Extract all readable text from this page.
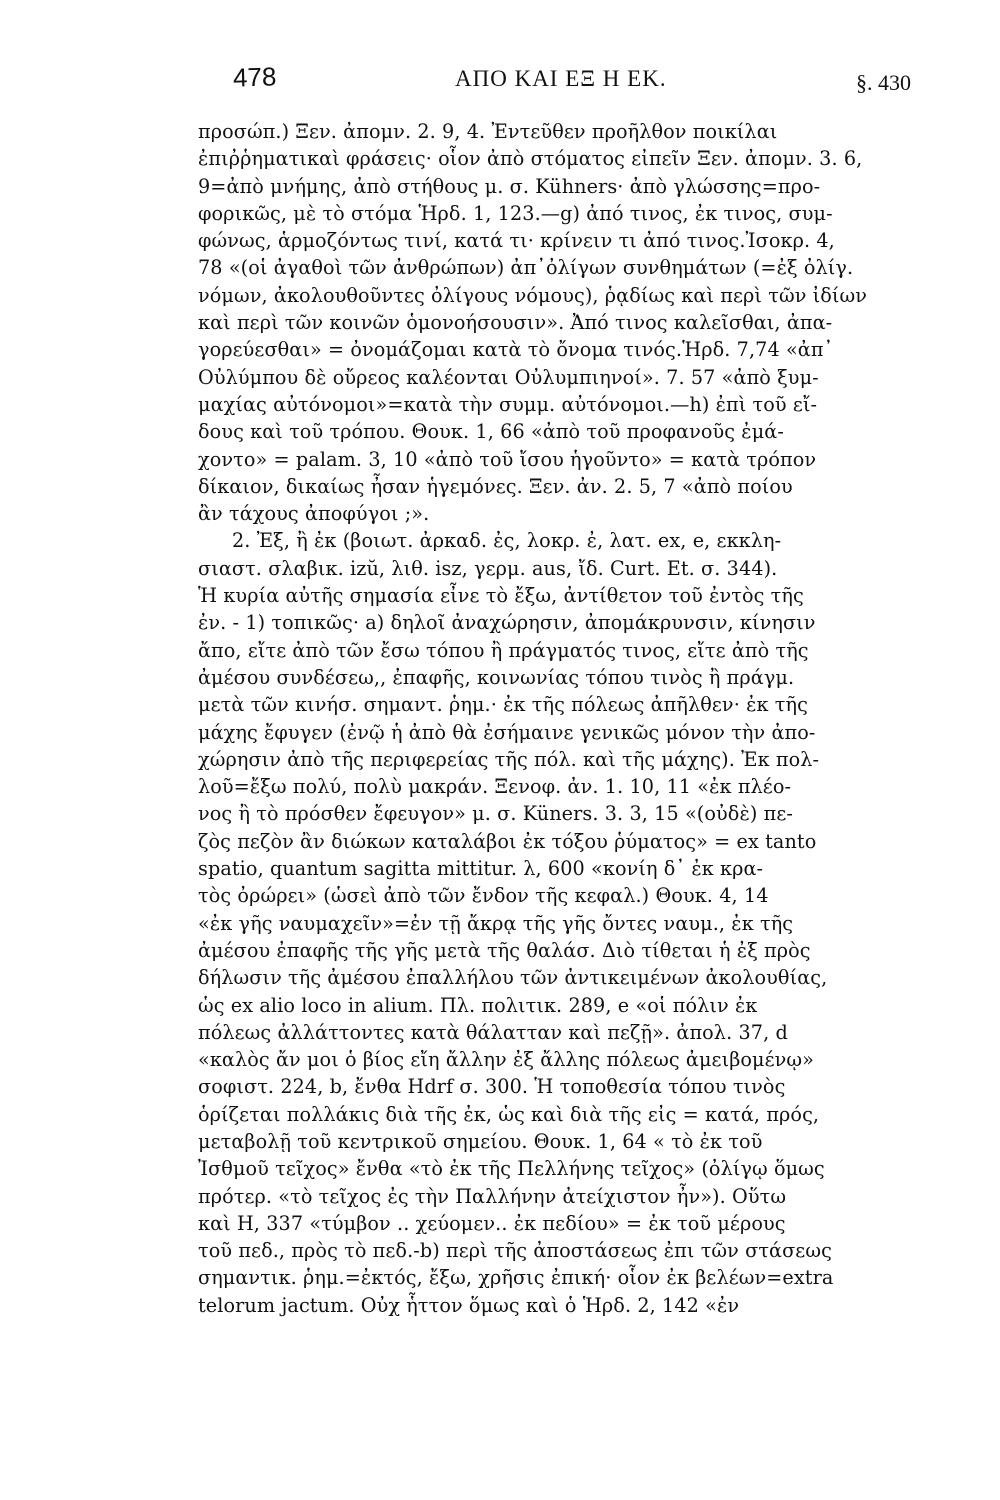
478	ΑΠΟ ΚΑΙ ΕΞ Η ΕΚ.	§. 430
προσώπ.) Ξεν. ἀπομν. 2. 9, 4. Ἐντεῦθεν προῆλθον ποικίλαι
ἐπιῤῥηματικαὶ φράσεις· οἷον ἀπὸ στόματος εἰπεῖν Ξεν. ἀπομν. 3. 6,
9=ἀπὸ μνήμης, ἀπὸ στήθους μ. σ. Kühners· ἀπὸ γλώσσης=προ-
φορικῶς, μὲ τὸ στόμα Ἡρδ. 1, 123.—g) ἀπό τινος, ἐκ τινος, συμ-
φώνως, ἁρμοζόντως τινί, κατά τι· κρίνειν τι ἀπό τινος.Ἰσοκρ. 4,
78 «(οἱ ἀγαθοὶ τῶν ἀνθρώπων) ἀπ᾽ὀλίγων συνθημάτων (=ἐξ ὀλίγ.
νόμων, ἀκολουθοῦντες ὀλίγους νόμους), ῥᾳδίως καὶ περὶ τῶν ἰδίων
καὶ περὶ τῶν κοινῶν ὁμονοήσουσιν». Ἀπό τινος καλεῖσθαι, ἀπα-
γορεύεσθαι» = ὀνομάζομαι κατὰ τὸ ὄνομα τινός.Ἡρδ. 7,74 «ἀπ᾽
Οὐλύμπου δὲ οὔρεος καλέονται Οὐλυμπιηνοί». 7. 57 «ἀπὸ ξυμ-
μαχίας αὐτόνομοι»=κατὰ τὴν συμμ. αὐτόνομοι.—h) ἐπὶ τοῦ εἴ-
δους καὶ τοῦ τρόπου. Θουκ. 1, 66 «ἀπὸ τοῦ προφανοῦς ἐμά-
χοντο» = palam. 3, 10 «ἀπὸ τοῦ ἴσου ἡγοῦντο» = κατὰ τρόπον
δίκαιον, δικαίως ἦσαν ἡγεμόνες. Ξεν. ἀν. 2. 5, 7 «ἀπὸ ποίου
ἂν τάχους ἀποφύγοι ;».
2. Ἐξ, ἢ ἐκ (βοιωτ. ἀρκαδ. ἐς, λοκρ. ἐ, λατ. ex, e, εκκλη-
σιαστ. σλαβικ. izŭ, λιθ. isz, γερμ. aus, ἴδ. Curt. Et. σ. 344).
Ἡ κυρία αὐτῆς σημασία εἶνε τὸ ἔξω, ἀντίθετον τοῦ ἐντὸς τῆς
ἐν. - 1) τοπικῶς· a) δηλοῖ ἀναχώρησιν, ἀπομάκρυνσιν, κίνησιν
ἄπο, εἴτε ἀπὸ τῶν ἔσω τόπου ἢ πράγματός τινος, εἴτε ἀπὸ τῆς
ἀμέσου συνδέσεω,, ἐπαφῆς, κοινωνίας τόπου τινὸς ἢ πράγμ.
μετὰ τῶν κινήσ. σημαντ. ῥημ.· ἐκ τῆς πόλεως ἀπῆλθεν· ἐκ τῆς
μάχης ἔφυγεν (ἐνῷ ἡ ἀπὸ θὰ ἐσήμαινε γενικῶς μόνον τὴν ἀπο-
χώρησιν ἀπὸ τῆς περιφερείας τῆς πόλ. καὶ τῆς μάχης). Ἐκ πολ-
λοῦ=ἔξω πολύ, πολὺ μακράν. Ξενοφ. ἀν. 1. 10, 11 «ἐκ πλέο-
νος ἢ τὸ πρόσθεν ἔφευγον» μ. σ. Küners. 3. 3, 15 «(οὐδὲ) πε-
ζὸς πεζὸν ἂν διώκων καταλάβοι ἐκ τόξου ῥύματος» = ex tanto
spatio, quantum sagitta mittitur. λ, 600 «κονίη δ᾽ ἐκ κρα-
τὸς ὀρώρει» (ὡσεὶ ἀπὸ τῶν ἔνδον τῆς κεφαλ.) Θουκ. 4, 14
«ἐκ γῆς ναυμαχεῖν»=ἐν τῇ ἄκρᾳ τῆς γῆς ὄντες ναυμ., ἐκ τῆς
ἀμέσου ἐπαφῆς τῆς γῆς μετὰ τῆς θαλάσ. Διὸ τίθεται ἡ ἐξ πρὸς
δήλωσιν τῆς ἀμέσου ἐπαλλήλου τῶν ἀντικειμένων ἀκολουθίας,
ὡς ex alio loco in alium. Πλ. πολιτικ. 289, e «οἱ πόλιν ἐκ
πόλεως ἀλλάττοντες κατὰ θάλατταν καὶ πεζῇ». ἀπολ. 37, d
«καλὸς ἄν μοι ὁ βίος εἴη ἄλλην ἐξ ἄλλης πόλεως ἀμειβομένῳ»
σοφιστ. 224, b, ἔνθα Hdrf σ. 300. Ἡ τοποθεσία τόπου τινὸς
ὁρίζεται πολλάκις διὰ τῆς ἐκ, ὡς καὶ διὰ τῆς εἰς = κατά, πρός,
μεταβολῇ τοῦ κεντρικοῦ σημείου. Θουκ. 1, 64 « τὸ ἐκ τοῦ
Ἰσθμοῦ τεῖχος» ἔνθα «τὸ ἐκ τῆς Πελλήνης τεῖχος» (ὀλίγῳ ὅμως
πρότερ. «τὸ τεῖχος ἐς τὴν Παλλήνην ἀτείχιστον ἦν»). Οὕτω
καὶ Η, 337 «τύμβον .. χεύομεν.. ἐκ πεδίου» = ἐκ τοῦ μέρους
τοῦ πεδ., πρὸς τὸ πεδ.-b) περὶ τῆς ἀποστάσεως ἐπι τῶν στάσεως
σημαντικ. ῥημ.=ἐκτός, ἔξω, χρῆσις ἐπική· οἷον ἐκ βελέων=extra
telorum jactum. Οὐχ ἧττον ὅμως καὶ ὁ Ἡρδ. 2, 142 «ἐν
